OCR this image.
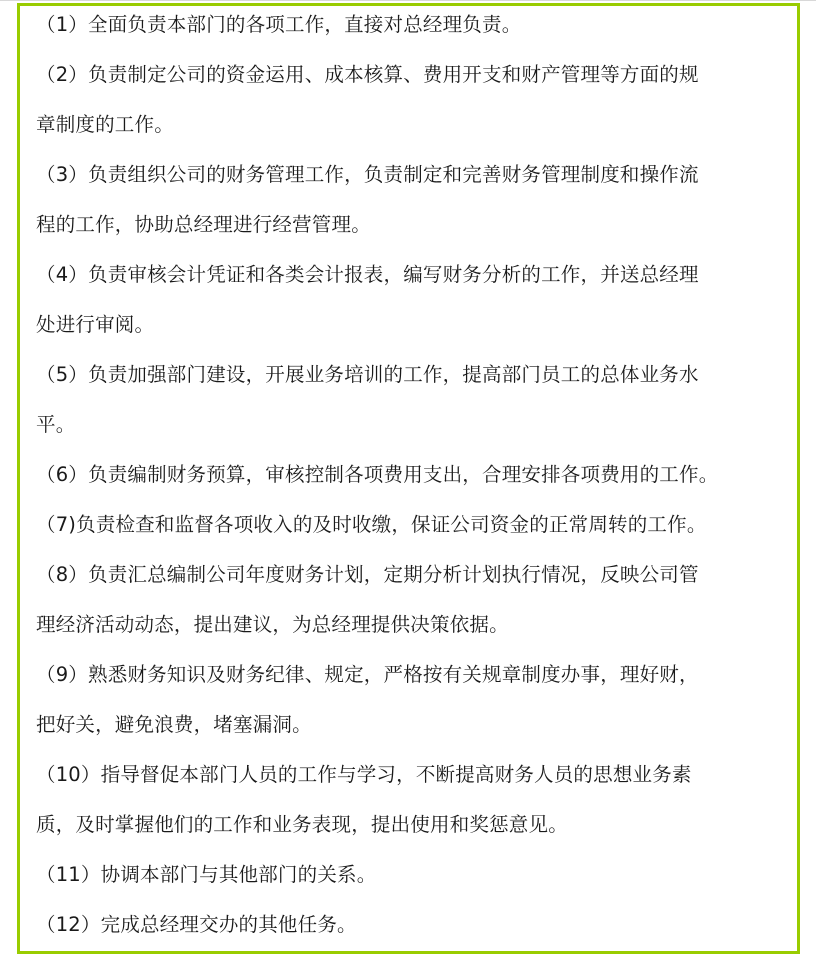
（1）全面负责本部门的各项工作，直接对总经理负责。
（2）负责制定公司的资金运用、成本核算、费用开支和财产管理等方面的规
章制度的工作。
（3）负责组织公司的财务管理工作，负责制定和完善财务管理制度和操作流
程的工作，协助总经理进行经营管理。
（4）负责审核会计凭证和各类会计报表，编写财务分析的工作，并送总经理
处进行审阅。
（5）负责加强部门建设，开展业务培训的工作，提高部门员工的总体业务水
平。
（6）负责编制财务预算，审核控制各项费用支出，合理安排各项费用的工作。
（7)负责检查和监督各项收入的及时收缴，保证公司资金的正常周转的工作。
（8）负责汇总编制公司年度财务计划，定期分析计划执行情况，反映公司管
理经济活动动态，提出建议，为总经理提供决策依据。
（9）熟悉财务知识及财务纪律、规定，严格按有关规章制度办事，理好财，
把好关，避免浪费，堵塞漏洞。
（10）指导督促本部门人员的工作与学习，不断提高财务人员的思想业务素
质，及时掌握他们的工作和业务表现，提出使用和奖惩意见。
（11）协调本部门与其他部门的关系。
（12）完成总经理交办的其他任务。
